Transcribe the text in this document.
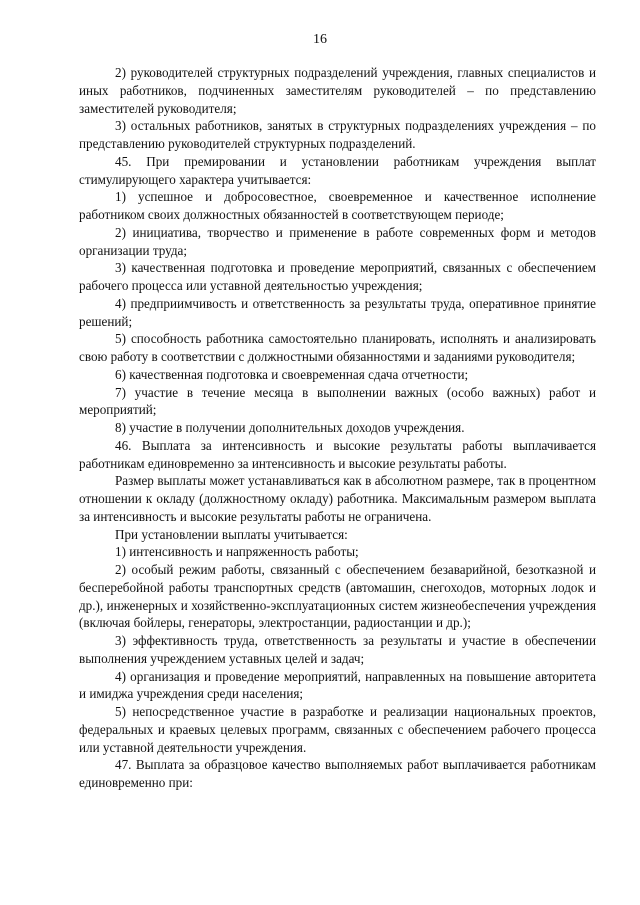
16

2) руководителей структурных подразделений учреждения, главных специалистов и иных работников, подчиненных заместителям руководителей – по представлению заместителей руководителя;

3) остальных работников, занятых в структурных подразделениях учреждения – по представлению руководителей структурных подразделений.

45. При премировании и установлении работникам учреждения выплат стимулирующего характера учитывается:

1) успешное и добросовестное, своевременное и качественное исполнение работником своих должностных обязанностей в соответствующем периоде;

2) инициатива, творчество и применение в работе современных форм и методов организации труда;

3) качественная подготовка и проведение мероприятий, связанных с обеспечением рабочего процесса или уставной деятельностью учреждения;

4) предприимчивость и ответственность за результаты труда, оперативное принятие решений;

5) способность работника самостоятельно планировать, исполнять и анализировать свою работу в соответствии с должностными обязанностями и заданиями руководителя;

6) качественная подготовка и своевременная сдача отчетности;

7) участие в течение месяца в выполнении важных (особо важных) работ и мероприятий;

8) участие в получении дополнительных доходов учреждения.

46. Выплата за интенсивность и высокие результаты работы выплачивается работникам единовременно за интенсивность и высокие результаты работы.

Размер выплаты может устанавливаться как в абсолютном размере, так в процентном отношении к окладу (должностному окладу) работника. Максимальным размером выплата за интенсивность и высокие результаты работы не ограничена.

При установлении выплаты учитывается:

1) интенсивность и напряженность работы;

2) особый режим работы, связанный с обеспечением безаварийной, безотказной и бесперебойной работы транспортных средств (автомашин, снегоходов, моторных лодок и др.), инженерных и хозяйственно-эксплуатационных систем жизнеобеспечения учреждения (включая бойлеры, генераторы, электростанции, радиостанции и др.);

3) эффективность труда, ответственность за результаты и участие в обеспечении выполнения учреждением уставных целей и задач;

4) организация и проведение мероприятий, направленных на повышение авторитета и имиджа учреждения среди населения;

5) непосредственное участие в разработке и реализации национальных проектов, федеральных и краевых целевых программ, связанных с обеспечением рабочего процесса или уставной деятельности учреждения.

47. Выплата за образцовое качество выполняемых работ выплачивается работникам единовременно при:
